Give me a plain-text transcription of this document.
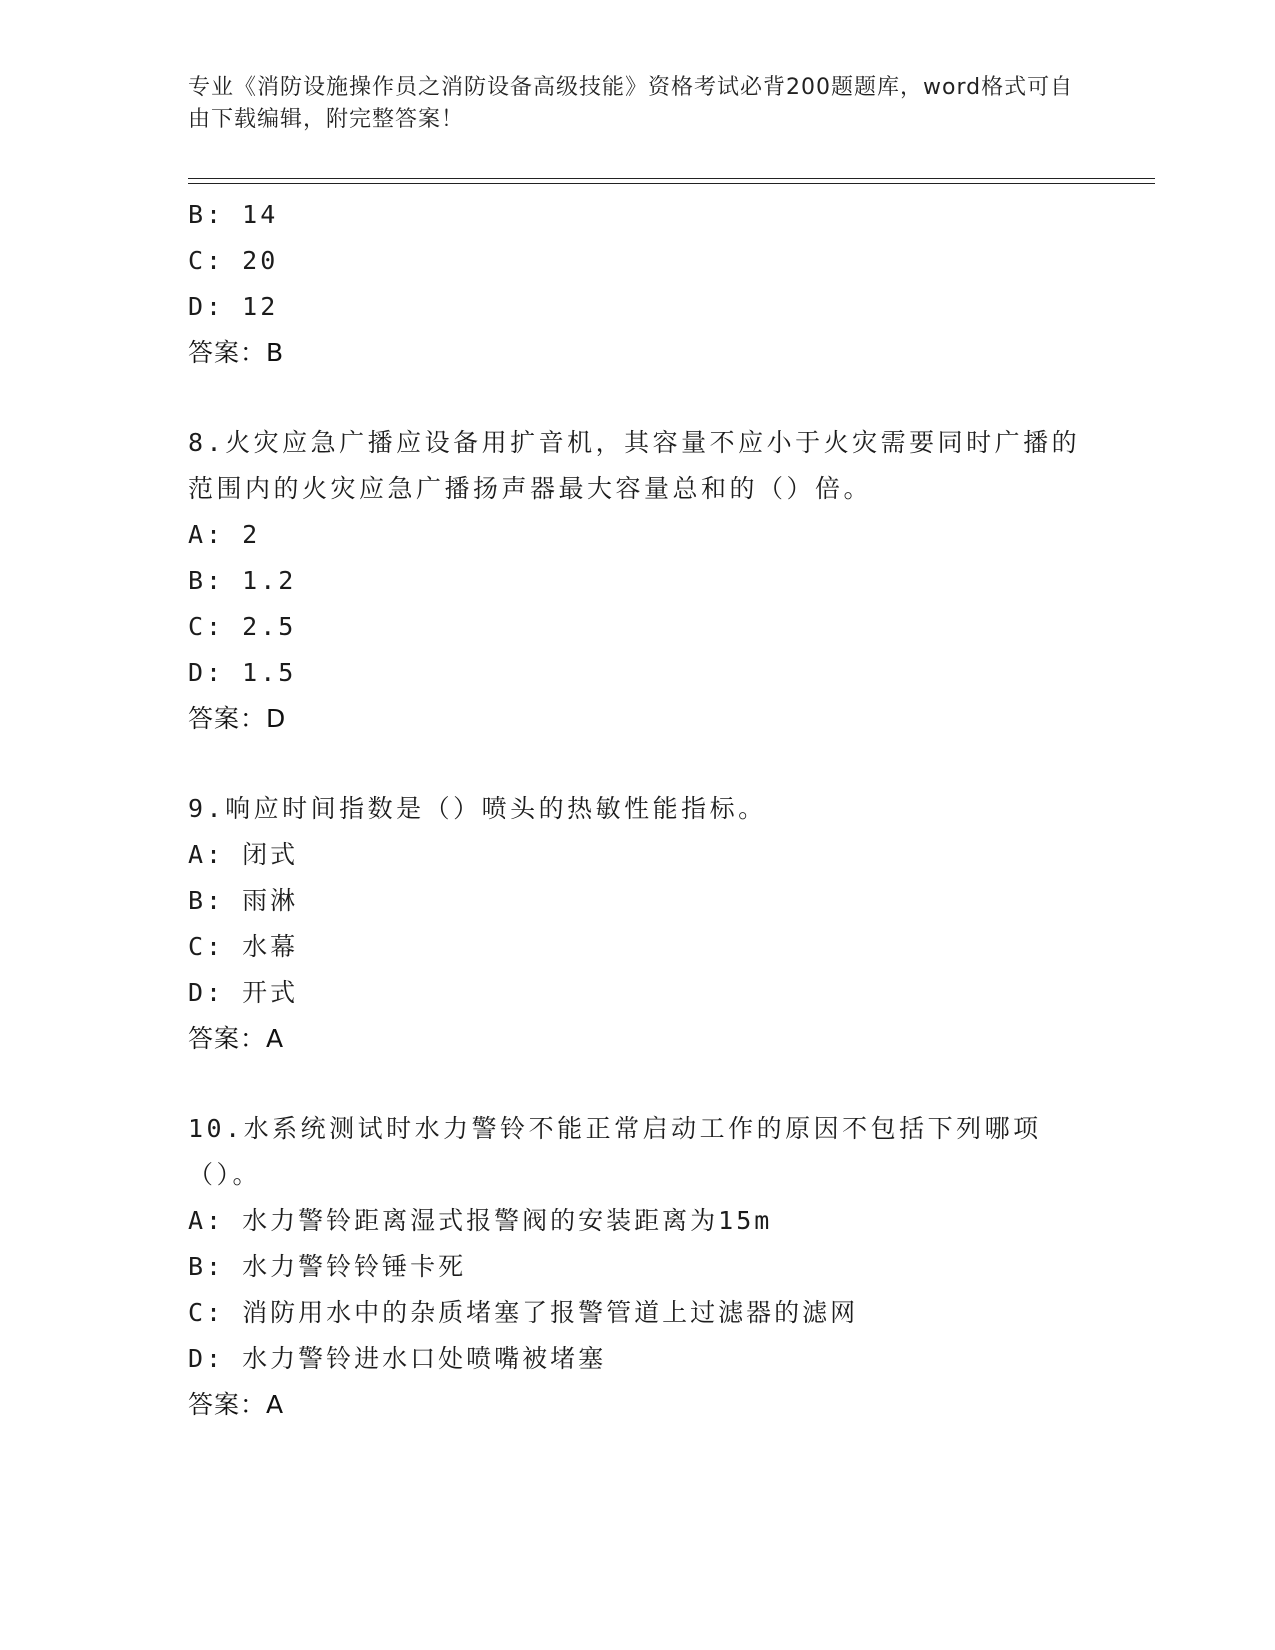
专业《消防设施操作员之消防设备高级技能》资格考试必背200题题库，word格式可自由下载编辑，附完整答案！
B: 14
C: 20
D: 12
答案：B
8.火灾应急广播应设备用扩音机，其容量不应小于火灾需要同时广播的范围内的火灾应急广播扬声器最大容量总和的（）倍。
A: 2
B: 1.2
C: 2.5
D: 1.5
答案：D
9.响应时间指数是（）喷头的热敏性能指标。
A: 闭式
B: 雨淋
C: 水幕
D: 开式
答案：A
10.水系统测试时水力警铃不能正常启动工作的原因不包括下列哪项（）。
A: 水力警铃距离湿式报警阀的安装距离为15m
B: 水力警铃铃锤卡死
C: 消防用水中的杂质堵塞了报警管道上过滤器的滤网
D: 水力警铃进水口处喷嘴被堵塞
答案：A
